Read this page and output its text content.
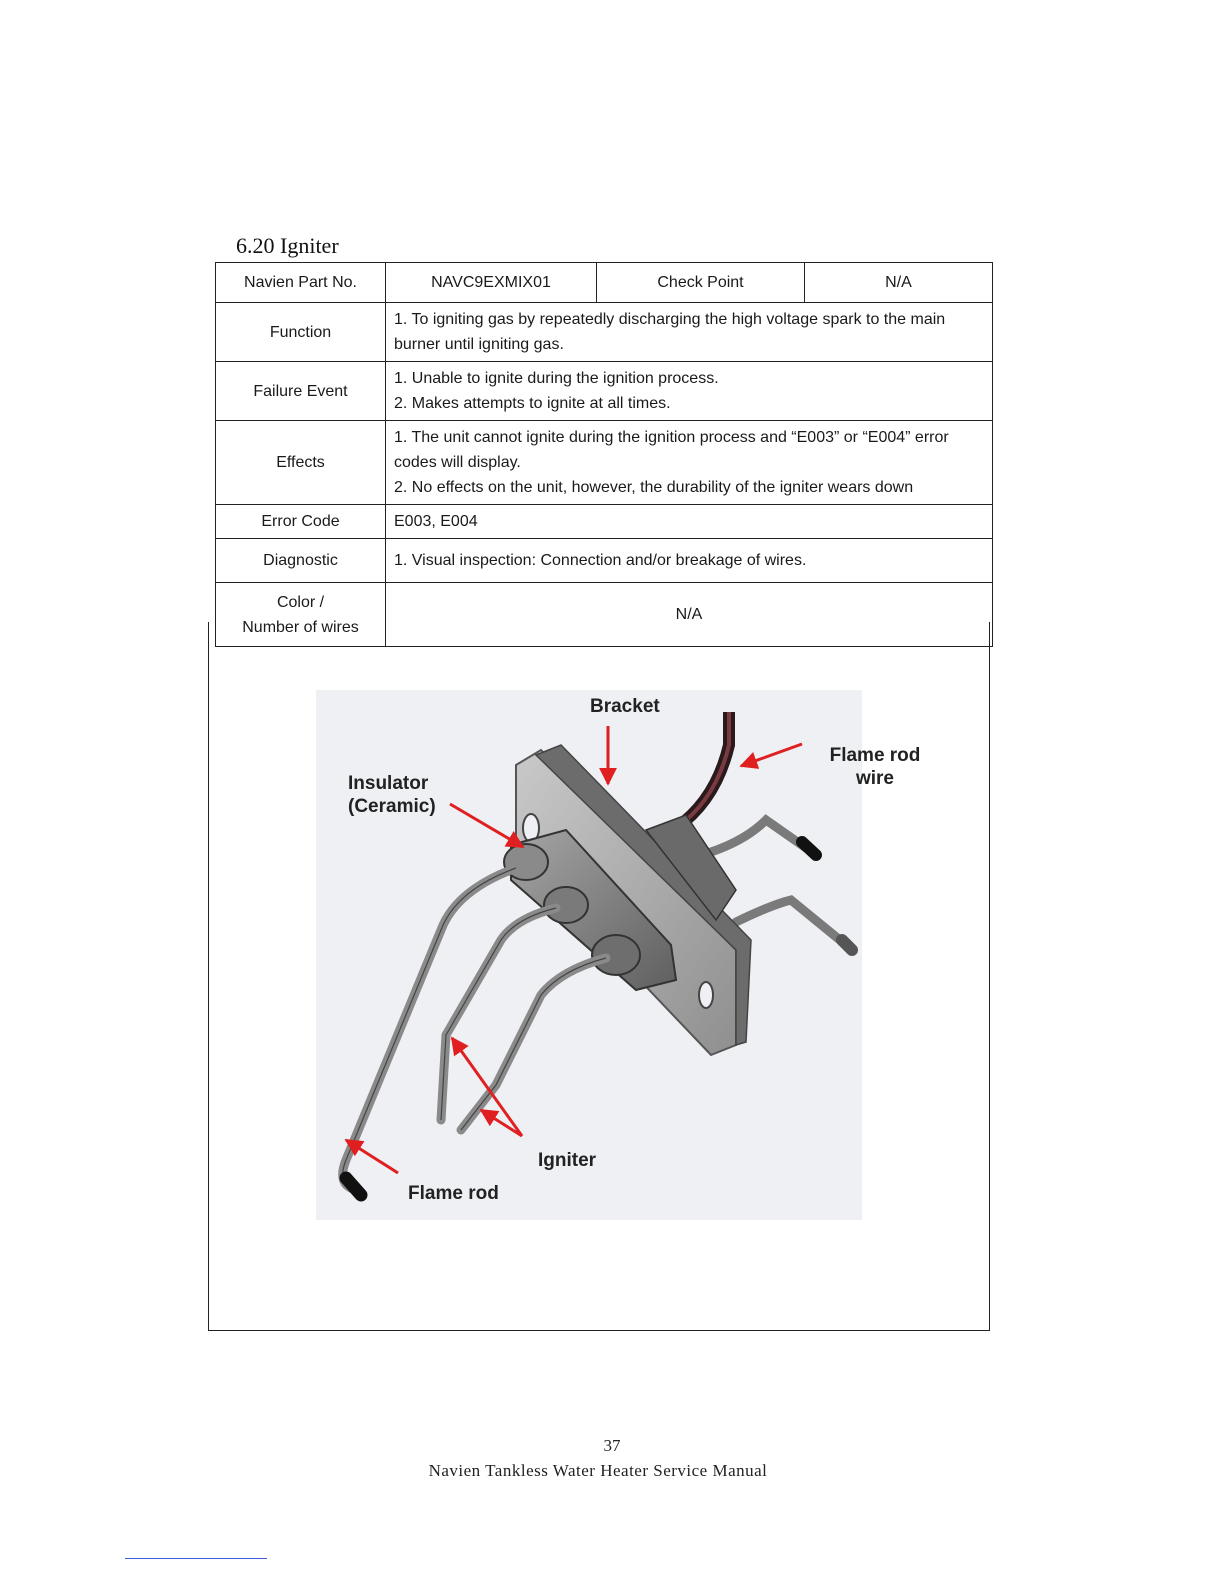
6.20 Igniter
Navien Part No.	NAVC9EXMIX01	Check Point	N/A
Function	1. To igniting gas by repeatedly discharging the high voltage spark to the main burner until igniting gas.		
Failure Event	1. Unable to ignite during the ignition process.
2. Makes attempts to ignite at all times.		

Effects	1. The unit cannot ignite during the ignition process and “E003” or “E004” error codes will display.
2. No effects on the unit, however, the durability of the igniter wears down		

Error Code	E003, E004		
Diagnostic	1. Visual inspection: Connection and/or breakage of wires.		

Color /
Number of wires	N/A		
Bracket
Flame rod
wire
Insulator
(Ceramic)
Igniter
Flame rod
37
Navien Tankless Water Heater Service Manual
